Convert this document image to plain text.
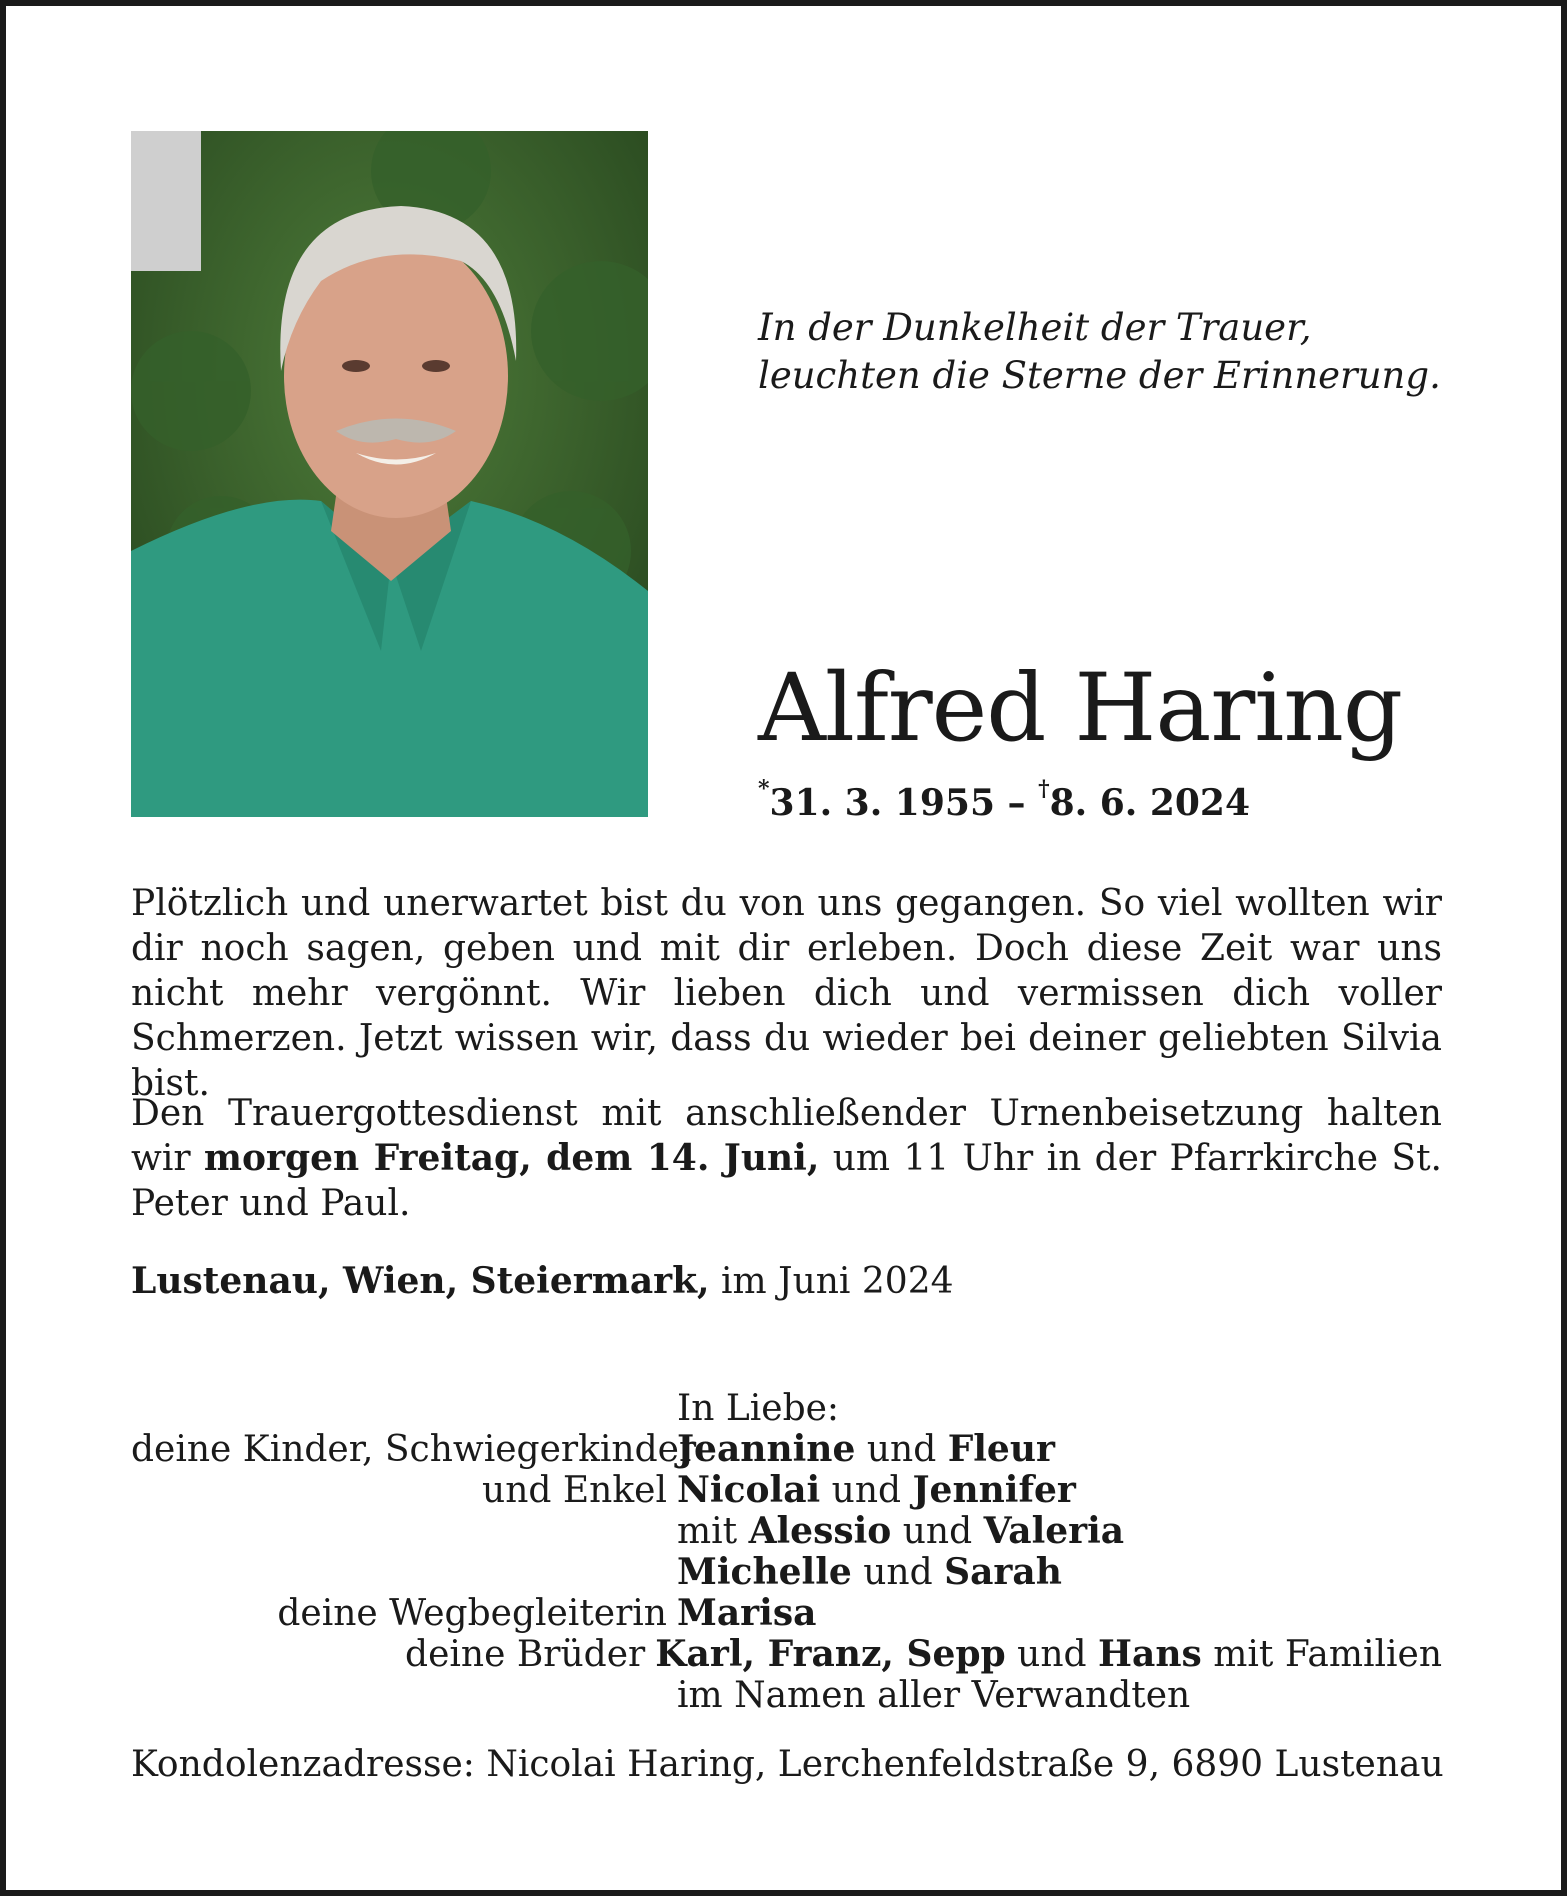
In der Dunkelheit der Trauer,
leuchten die Sterne der Erinnerung.
Alfred Haring
*31. 3. 1955 – †8. 6. 2024
Plötzlich und unerwartet bist du von uns gegangen. So viel wollten wir dir noch sagen, geben und mit dir erleben. Doch diese Zeit war uns nicht mehr vergönnt. Wir lieben dich und vermissen dich voller Schmerzen. Jetzt wissen wir, dass du wieder bei deiner geliebten Silvia bist.
Den Trauergottesdienst mit anschließender Urnenbeisetzung halten wir morgen Freitag, dem 14. Juni, um 11 Uhr in der Pfarrkirche St. Peter und Paul.
Lustenau, Wien, Steiermark, im Juni 2024
In Liebe:
deine Kinder, Schwiegerkinder
Jeannine und Fleur
und Enkel Nicolai und Jennifer
mit Alessio und Valeria
Michelle und Sarah
deine Wegbegleiterin Marisa
deine Brüder Karl, Franz, Sepp und Hans mit Familien
im Namen aller Verwandten
Kondolenzadresse: Nicolai Haring, Lerchenfeldstraße 9, 6890 Lustenau
